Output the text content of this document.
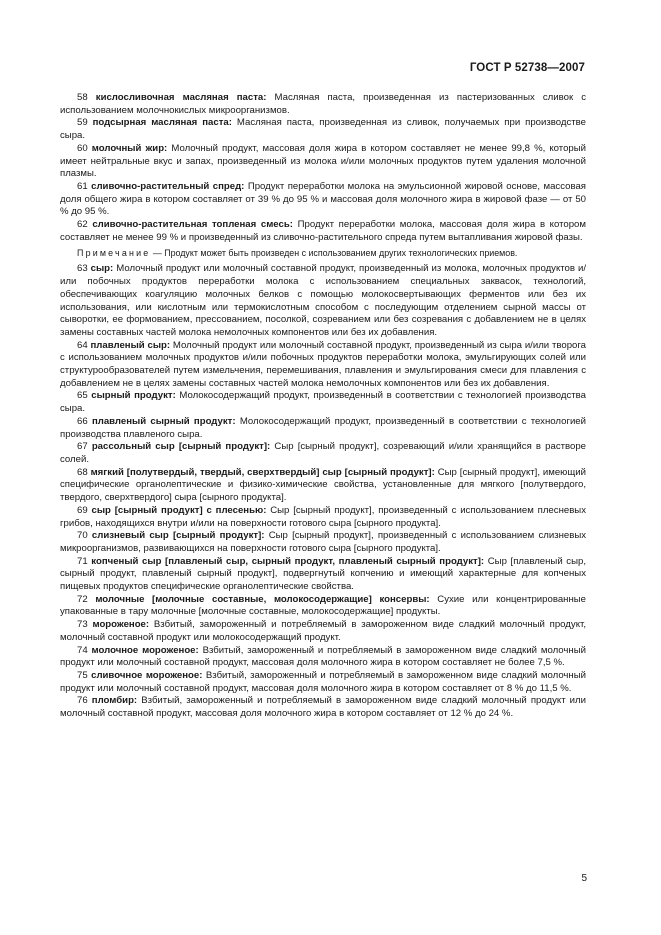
ГОСТ Р 52738—2007

58 кислосливочная масляная паста: Масляная паста, произведенная из пастеризованных сливок с использованием молочнокислых микроорганизмов.

59 подсырная масляная паста: Масляная паста, произведенная из сливок, получаемых при производстве сыра.

60 молочный жир: Молочный продукт, массовая доля жира в котором составляет не менее 99,8 %, который имеет нейтральные вкус и запах, произведенный из молока и/или молочных продуктов путем удаления молочной плазмы.

61 сливочно-растительный спред: Продукт переработки молока на эмульсионной жировой основе, массовая доля общего жира в котором составляет от 39 % до 95 % и массовая доля молочного жира в жировой фазе — от 50 % до 95 %.

62 сливочно-растительная топленая смесь: Продукт переработки молока, массовая доля жира в котором составляет не менее 99 % и произведенный из сливочно-растительного спреда путем вытапливания жировой фазы.

Примечание — Продукт может быть произведен с использованием других технологических приемов.

63 сыр: Молочный продукт или молочный составной продукт, произведенный из молока, молочных продуктов и/или побочных продуктов переработки молока с использованием специальных заквасок, технологий, обеспечивающих коагуляцию молочных белков с помощью молокосвертывающих ферментов или без их использования, или кислотным или термокислотным способом с последующим отделением сырной массы от сыворотки, ее формованием, прессованием, посолкой, созреванием или без созревания с добавлением не в целях замены составных частей молока немолочных компонентов или без их добавления.

64 плавленый сыр: Молочный продукт или молочный составной продукт, произведенный из сыра и/или творога с использованием молочных продуктов и/или побочных продуктов переработки молока, эмульгирующих солей или структурообразователей путем измельчения, перемешивания, плавления и эмульгирования смеси для плавления с добавлением не в целях замены составных частей молока немолочных компонентов или без их добавления.

65 сырный продукт: Молокосодержащий продукт, произведенный в соответствии с технологией производства сыра.

66 плавленый сырный продукт: Молокосодержащий продукт, произведенный в соответствии с технологией производства плавленого сыра.

67 рассольный сыр [сырный продукт]: Сыр [сырный продукт], созревающий и/или хранящийся в растворе солей.

68 мягкий [полутвердый, твердый, сверхтвердый] сыр [сырный продукт]: Сыр [сырный продукт], имеющий специфические органолептические и физико-химические свойства, установленные для мягкого [полутвердого, твердого, сверхтвердого] сыра [сырного продукта].

69 сыр [сырный продукт] с плесенью: Сыр [сырный продукт], произведенный с использованием плесневых грибов, находящихся внутри и/или на поверхности готового сыра [сырного продукта].

70 слизневый сыр [сырный продукт]: Сыр [сырный продукт], произведенный с использованием слизневых микроорганизмов, развивающихся на поверхности готового сыра [сырного продукта].

71 копченый сыр [плавленый сыр, сырный продукт, плавленый сырный продукт]: Сыр [плавленый сыр, сырный продукт, плавленый сырный продукт], подвергнутый копчению и имеющий характерные для копченых пищевых продуктов специфические органолептические свойства.

72 молочные [молочные составные, молокосодержащие] консервы: Сухие или концентрированные упакованные в тару молочные [молочные составные, молокосодержащие] продукты.

73 мороженое: Взбитый, замороженный и потребляемый в замороженном виде сладкий молочный продукт, молочный составной продукт или молокосодержащий продукт.

74 молочное мороженое: Взбитый, замороженный и потребляемый в замороженном виде сладкий молочный продукт или молочный составной продукт, массовая доля молочного жира в котором составляет не более 7,5 %.

75 сливочное мороженое: Взбитый, замороженный и потребляемый в замороженном виде сладкий молочный продукт или молочный составной продукт, массовая доля молочного жира в котором составляет от 8 % до 11,5 %.

76 пломбир: Взбитый, замороженный и потребляемый в замороженном виде сладкий молочный продукт или молочный составной продукт, массовая доля молочного жира в котором составляет от 12 % до 24 %.

5
